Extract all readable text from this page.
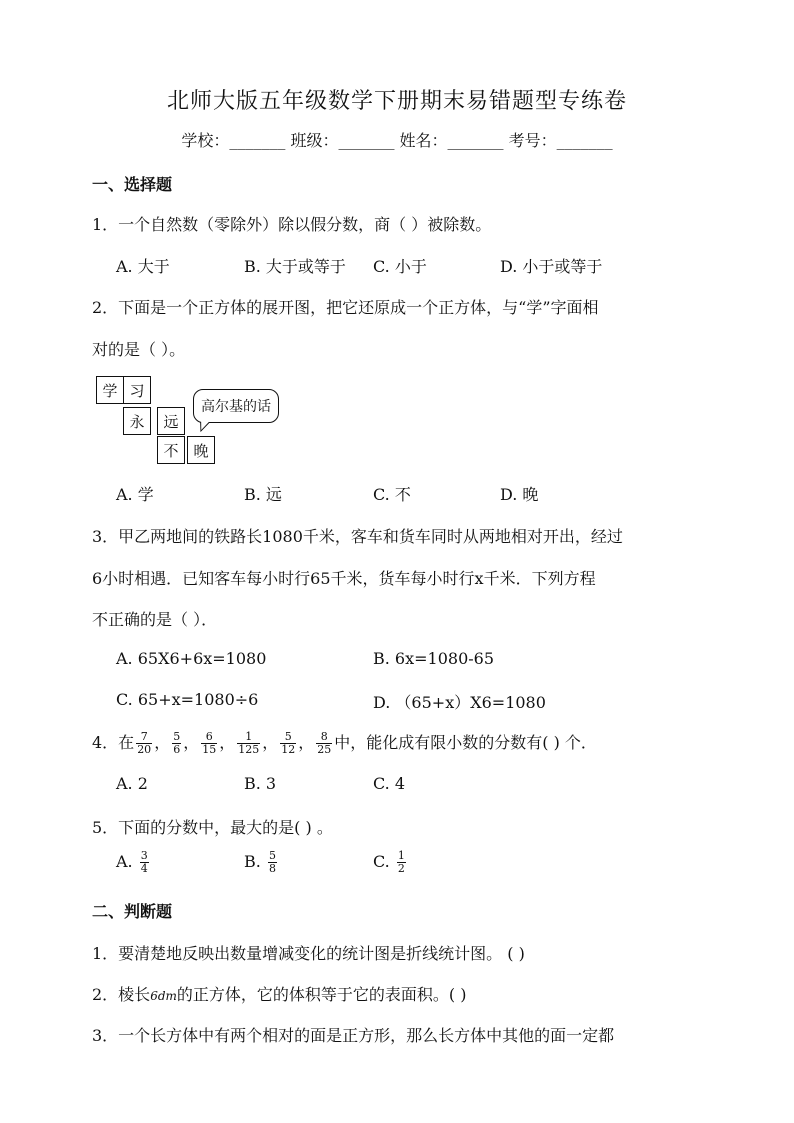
北师大版五年级数学下册期末易错题型专练卷
学校：_______ 班级：_______ 姓名：_______ 考号：_______
一、选择题
1．一个自然数（零除外）除以假分数，商（ ）被除数。
A. 大于	B. 大于或等于 C. 小于	D. 小于或等于
2．下面是一个正方体的展开图，把它还原成一个正方体，与“学”字面相
对的是（ ）。
学 习
永	远
不 晚
高尔基的话
A. 学	B. 远	C. 不	D. 晚
3．甲乙两地间的铁路长1080千米，客车和货车同时从两地相对开出，经过
6小时相遇．已知客车每小时行65千米，货车每小时行x千米．下列方程
不正确的是（ ）．
A. 65X6+6x=1080	B. 6x=1080-65
C. 65+x=1080÷6	D. （65+x）X6=1080
4．在 $\frac{7}{20}$ ， $\frac{5}{6}$ ， $\frac{6}{15}$ ， $\frac{1}{125}$ ， $\frac{5}{12}$ ， $\frac{8}{25}$ 中，能化成有限小数的分数有( ) 个．
A. 2	B. 3	C. 4
5．下面的分数中，最大的是( ) 。
A. $\frac{3}{4}$	B. $\frac{5}{8}$	C. $\frac{1}{2}$
二、判断题
1．要清楚地反映出数量增减变化的统计图是折线统计图。 ( )
2．棱长6dm的正方体，它的体积等于它的表面积。( )
3．一个长方体中有两个相对的面是正方形，那么长方体中其他的面一定都
